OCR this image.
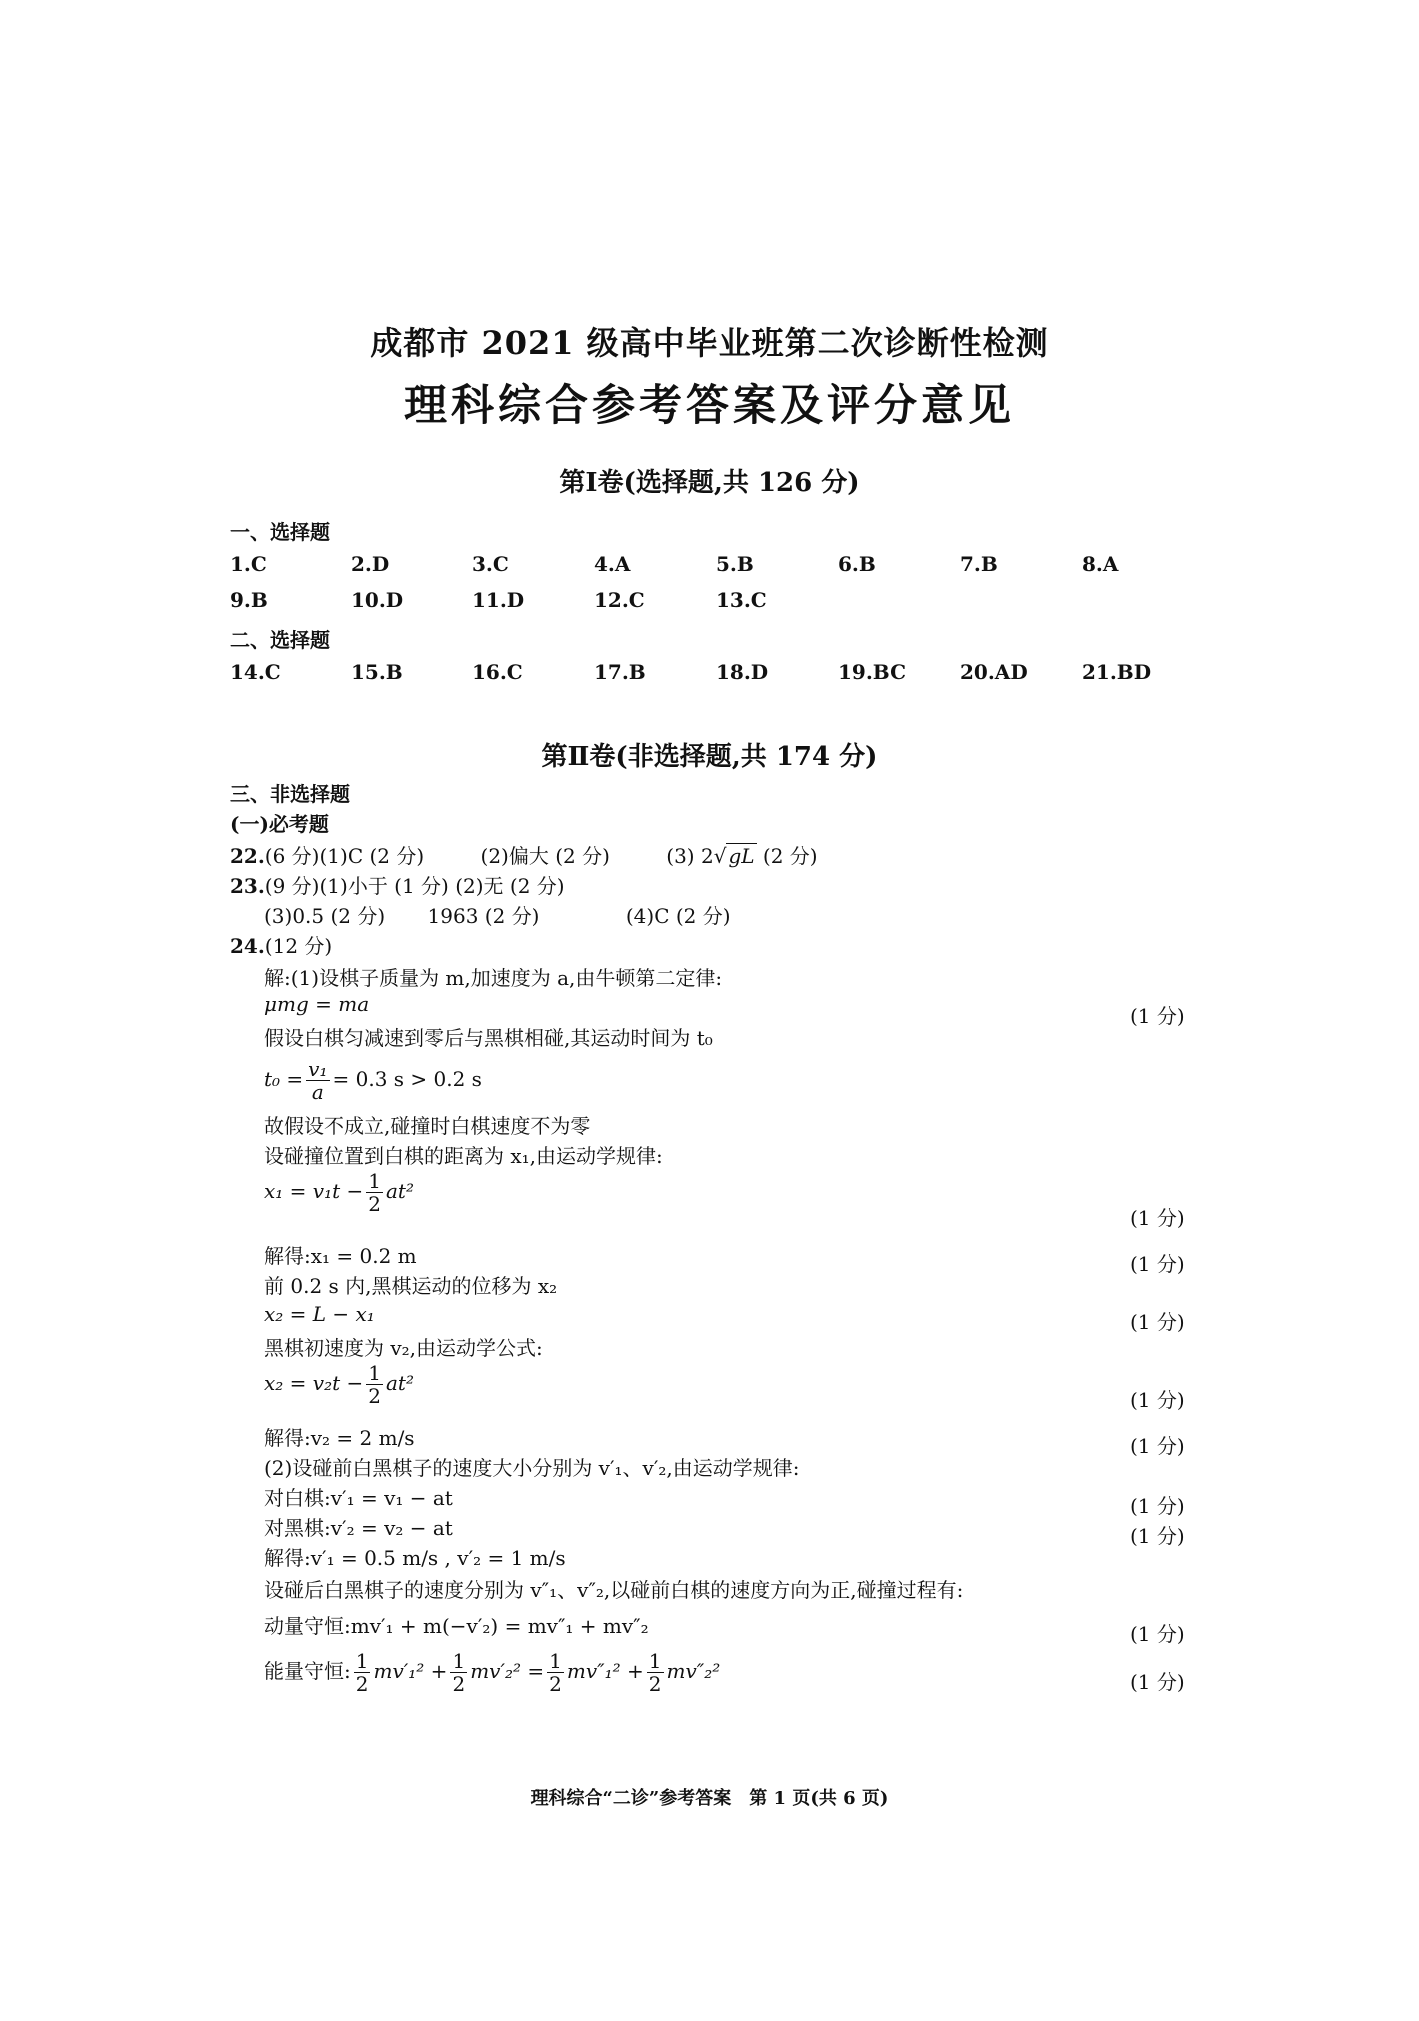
成都市 2021 级高中毕业班第二次诊断性检测
理科综合参考答案及评分意见
第Ⅰ卷(选择题,共 126 分)
一、选择题
1.C	2.D	3.C	4.A	5.B	6.B	7.B	8.A
9.B	10.D	11.D	12.C	13.C
二、选择题
14.C	15.B	16.C	17.B	18.D	19.BC	20.AD	21.BD
第Ⅱ卷(非选择题,共 174 分)
三、非选择题
(一)必考题
22.(6 分)(1)C (2 分)	(2)偏大 (2 分)	(3) 2√ gL (2 分)
23.(9 分)(1)小于 (1 分) (2)无 (2 分)
(3)0.5 (2 分) 1963 (2 分)	(4)C (2 分)
24.(12 分)
解:(1)设棋子质量为 m,加速度为 a,由牛顿第二定律:
μmg = ma	(1 分)
假设白棋匀减速到零后与黑棋相碰,其运动时间为 t₀
$t_0 = \frac{\text{v₁}}{a} = 0.3$ s > 0.2 s
故假设不成立,碰撞时白棋速度不为零
设碰撞位置到白棋的距离为 x₁,由运动学规律:
$x_1 = v_1t - \frac{1}{2} at^2$
(1 分)
解得:x₁ = 0.2 m	(1 分)
前 0.2 s 内,黑棋运动的位移为 x₂
x₂ = L − x₁	(1 分)
黑棋初速度为 v₂,由运动学公式:
$x_2 = v_2t - \frac{1}{2} at^2$
(1 分)
解得:v₂ = 2 m/s	(1 分)
(2)设碰前白黑棋子的速度大小分别为 v′₁、v′₂,由运动学规律:
对白棋:v′₁ = v₁ − at	(1 分)
对黑棋:v′₂ = v₂ − at	(1 分)
解得:v′₁ = 0.5 m/s , v′₂ = 1 m/s
设碰后白黑棋子的速度分别为 v″₁、v″₂,以碰前白棋的速度方向为正,碰撞过程有:
动量守恒:mv′₁ + m(−v′₂) = mv″₁ + mv″₂	(1 分)
能量守恒: $\frac{1}{2} mv'_1^2 + \frac{1}{2} mv'_2^2 = \frac{1}{2} mv''_1^2 + \frac{1}{2} mv''_2^2$	(1 分)
理科综合“二诊”参考答案　第 1 页(共 6 页)
